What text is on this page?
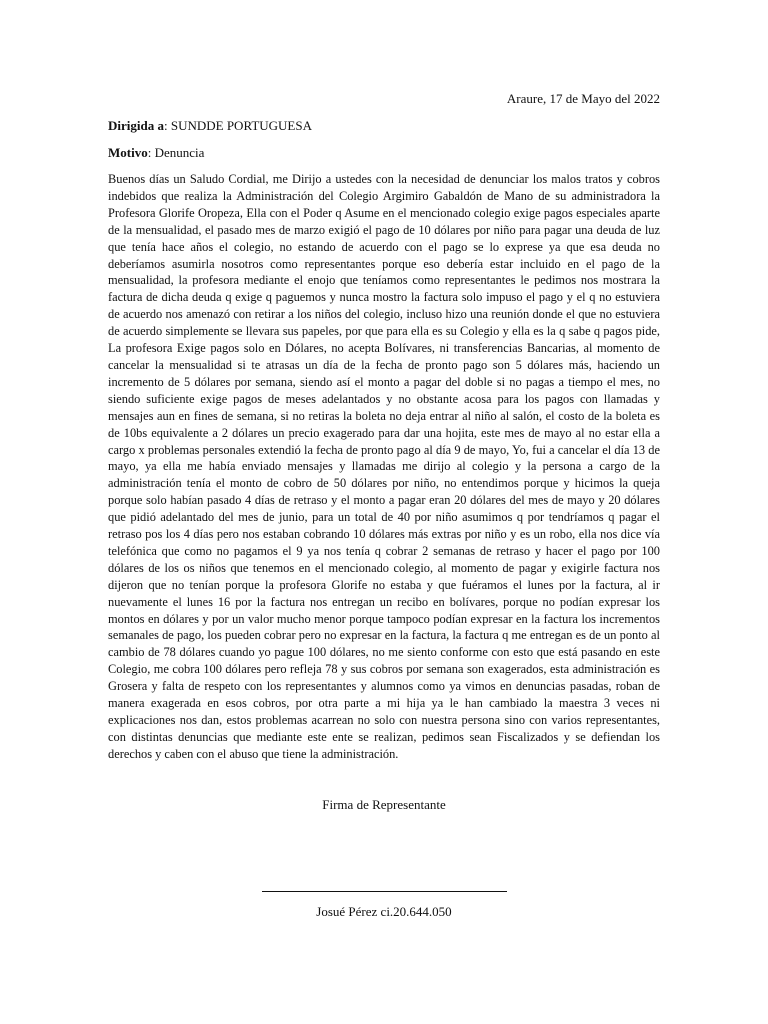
Araure, 17 de Mayo del 2022
Dirigida a: SUNDDE PORTUGUESA
Motivo: Denuncia

Buenos días un Saludo Cordial, me Dirijo a ustedes con la necesidad de denunciar los malos tratos y cobros indebidos que realiza la Administración del Colegio Argimiro Gabaldón de Mano de su administradora la Profesora Glorife Oropeza, Ella con el Poder q Asume en el mencionado colegio exige pagos especiales aparte de la mensualidad, el pasado mes de marzo exigió el pago de 10 dólares por niño para pagar una deuda de luz que tenía hace años el colegio, no estando de acuerdo con el pago se lo exprese ya que esa deuda no deberíamos asumirla nosotros como representantes porque eso debería estar incluido en el pago de la mensualidad, la profesora mediante el enojo que teníamos como representantes le pedimos nos mostrara la factura de dicha deuda q exige q paguemos y nunca mostro la factura solo impuso el pago y el q no estuviera de acuerdo nos amenazó con retirar a los niños del colegio, incluso hizo una reunión donde el que no estuviera de acuerdo simplemente se llevara sus papeles, por que para ella es su Colegio y ella es la q sabe q pagos pide, La profesora Exige pagos solo en Dólares, no acepta Bolívares, ni transferencias Bancarias, al momento de cancelar la mensualidad si te atrasas un día de la fecha de pronto pago son 5 dólares más, haciendo un incremento de 5 dólares por semana, siendo así el monto a pagar del doble si no pagas a tiempo el mes, no siendo suficiente exige pagos de meses adelantados y no obstante acosa para los pagos con llamadas y mensajes aun en fines de semana, si no retiras la boleta no deja entrar al niño al salón, el costo de la boleta es de 10bs equivalente a 2 dólares un precio exagerado para dar una hojita, este mes de mayo al no estar ella a cargo x problemas personales extendió la fecha de pronto pago al día 9 de mayo, Yo, fui a cancelar el día 13 de mayo, ya ella me había enviado mensajes y llamadas me dirijo al colegio y la persona a cargo de la administración tenía el monto de cobro de 50 dólares por niño, no entendimos porque y hicimos la queja porque solo habían pasado 4 días de retraso y el monto a pagar eran 20 dólares del mes de mayo y 20 dólares que pidió adelantado del mes de junio, para un total de 40 por niño asumimos q por tendríamos q pagar el retraso pos los 4 días pero nos estaban cobrando 10 dólares más extras por niño y es un robo, ella nos dice vía telefónica que como no pagamos el 9 ya nos tenía q cobrar 2 semanas de retraso y hacer el pago por 100 dólares de los os niños que tenemos en el mencionado colegio, al momento de pagar y exigirle factura nos dijeron que no tenían porque la profesora Glorife no estaba y que fuéramos el lunes por la factura, al ir nuevamente el lunes 16 por la factura nos entregan un recibo en bolívares, porque no podían expresar los montos en dólares y por un valor mucho menor porque tampoco podían expresar en la factura los incrementos semanales de pago, los pueden cobrar pero no expresar en la factura, la factura q me entregan es de un ponto al cambio de 78 dólares cuando yo pague 100 dólares, no me siento conforme con esto que está pasando en este Colegio, me cobra 100 dólares pero refleja 78 y sus cobros por semana son exagerados, esta administración es Grosera y falta de respeto con los representantes y alumnos como ya vimos en denuncias pasadas, roban de manera exagerada en esos cobros, por otra parte a mi hija ya le han cambiado la maestra 3 veces ni explicaciones nos dan, estos problemas acarrean no solo con nuestra persona sino con varios representantes, con distintas denuncias que mediante este ente se realizan, pedimos sean Fiscalizados y se defiendan los derechos y caben con el abuso que tiene la administración.

Firma de Representante
Josué Pérez ci.20.644.050
